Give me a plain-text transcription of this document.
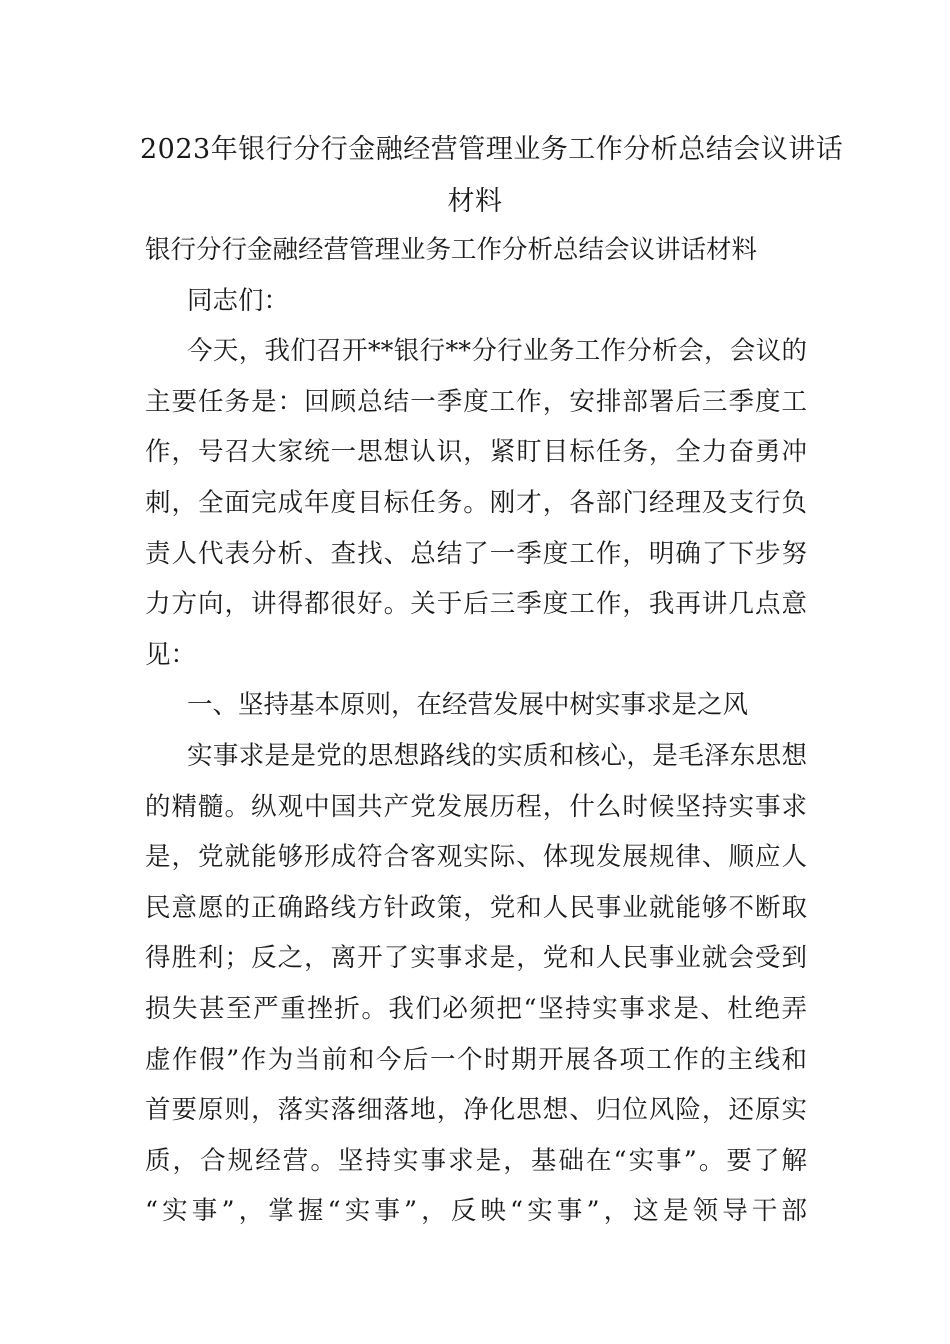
2023年银行分行金融经营管理业务工作分析总结会议讲话
材料
银行分行金融经营管理业务工作分析总结会议讲话材料
同志们：
今天，我们召开**银行**分行业务工作分析会，会议的
主要任务是：回顾总结一季度工作，安排部署后三季度工
作，号召大家统一思想认识，紧盯目标任务，全力奋勇冲
刺，全面完成年度目标任务。刚才，各部门经理及支行负
责人代表分析、查找、总结了一季度工作，明确了下步努
力方向，讲得都很好。关于后三季度工作，我再讲几点意
见：
一、坚持基本原则，在经营发展中树实事求是之风
实事求是是党的思想路线的实质和核心，是毛泽东思想
的精髓。纵观中国共产党发展历程，什么时候坚持实事求
是，党就能够形成符合客观实际、体现发展规律、顺应人
民意愿的正确路线方针政策，党和人民事业就能够不断取
得胜利；反之，离开了实事求是，党和人民事业就会受到
损失甚至严重挫折。我们必须把“坚持实事求是、杜绝弄
虚作假”作为当前和今后一个时期开展各项工作的主线和
首要原则，落实落细落地，净化思想、归位风险，还原实
质，合规经营。坚持实事求是，基础在“实事”。要了解
“实事”，掌握“实事”，反映“实事”，这是领导干部
